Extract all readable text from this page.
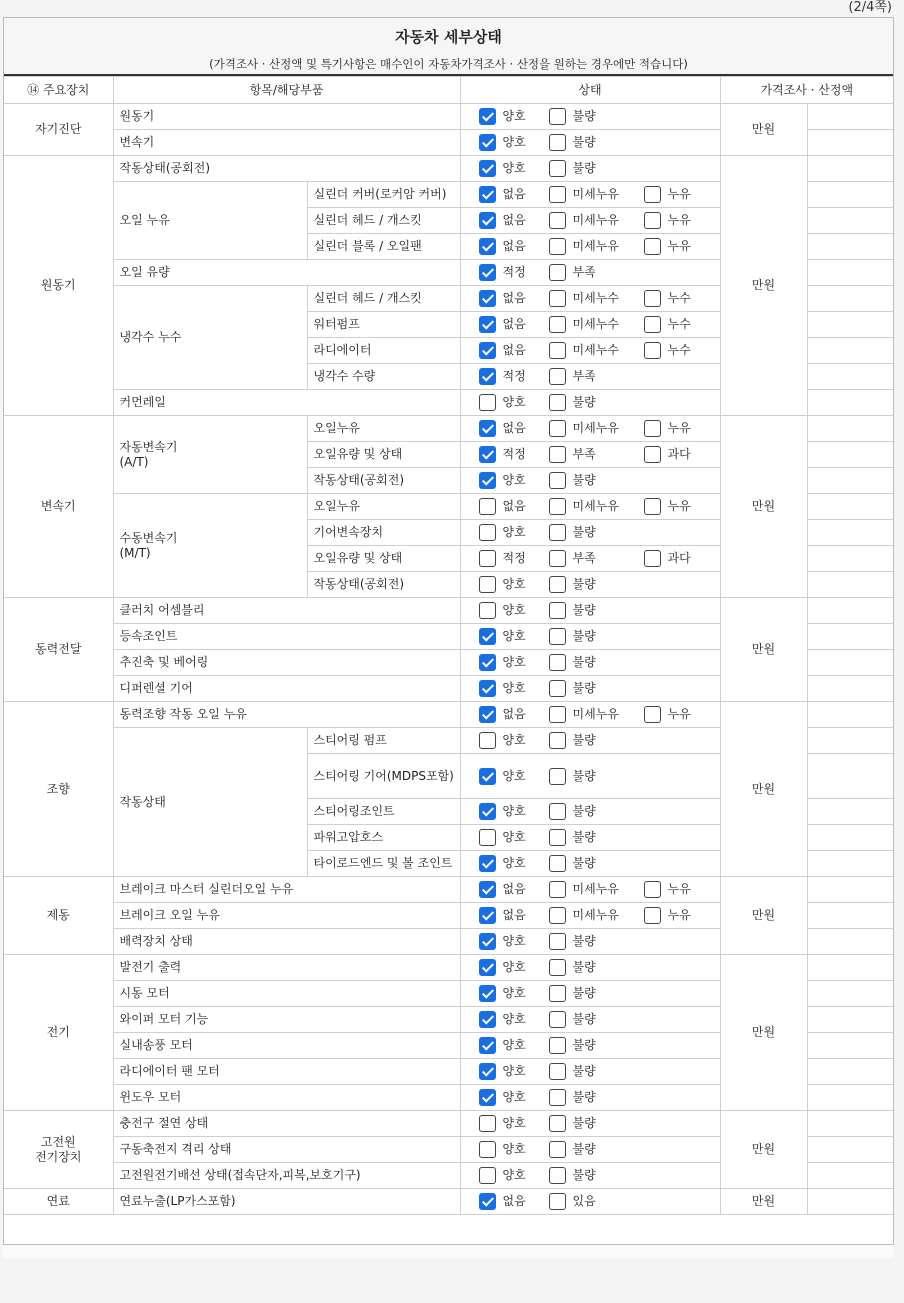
(2/4쪽)
자동차 세부상태
(가격조사 · 산정액 및 특기사항은 매수인이 자동차가격조사 · 산정을 원하는 경우에만 적습니다)
⑭ 주요장치	항목/해당부품		상태	가격조사 · 산정액	
자기진단	원동기		양호 불량	만원	
	변속기		양호 불량		
원동기	작동상태(공회전)		양호 불량	만원	
	오일 누유	실린더 커버(로커암 커버)	없음 미세누유 누유		
		실린더 헤드 / 개스킷	없음 미세누유 누유		
		실린더 블록 / 오일팬	없음 미세누유 누유		
	오일 유량		적정 부족		
	냉각수 누수	실린더 헤드 / 개스킷	없음 미세누수 누수		
		워터펌프	없음 미세누수 누수		
		라디에이터	없음 미세누수 누수		
		냉각수 수량	적정 부족		
	커먼레일		양호 불량		
변속기	자동변속기
(A/T)	오일누유	없음 미세누유 누유	만원	
		오일유량 및 상태	적정 부족 과다		
		작동상태(공회전)	양호 불량		
	수동변속기
(M/T)	오일누유	없음 미세누유 누유		
		기어변속장치	양호 불량		
		오일유량 및 상태	적정 부족 과다		
		작동상태(공회전)	양호 불량		
동력전달	클러치 어셈블리		양호 불량	만원	
	등속조인트		양호 불량		
	추진축 및 베어링		양호 불량		
	디퍼렌셜 기어		양호 불량		
조향	동력조향 작동 오일 누유		없음 미세누유 누유	만원	
	작동상태	스티어링 펌프	양호 불량		
		스티어링 기어(MDPS포함)	양호 불량		
		스티어링조인트	양호 불량		
		파워고압호스	양호 불량		
		타이로드엔드 및 볼 조인트	양호 불량		
제동	브레이크 마스터 실린더오일 누유		없음 미세누유 누유	만원	
	브레이크 오일 누유		없음 미세누유 누유		
	배력장치 상태		양호 불량		
전기	발전기 출력		양호 불량	만원	
	시동 모터		양호 불량		
	와이퍼 모터 기능		양호 불량		
	실내송풍 모터		양호 불량		
	라디에이터 팬 모터		양호 불량		
	윈도우 모터		양호 불량		
고전원
전기장치	충전구 절연 상태		양호 불량	만원	
	구동축전지 격리 상태		양호 불량		
	고전원전기배선 상태(접속단자,피복,보호기구)		양호 불량		
연료	연료누출(LP가스포함)		없음 있음	만원	
